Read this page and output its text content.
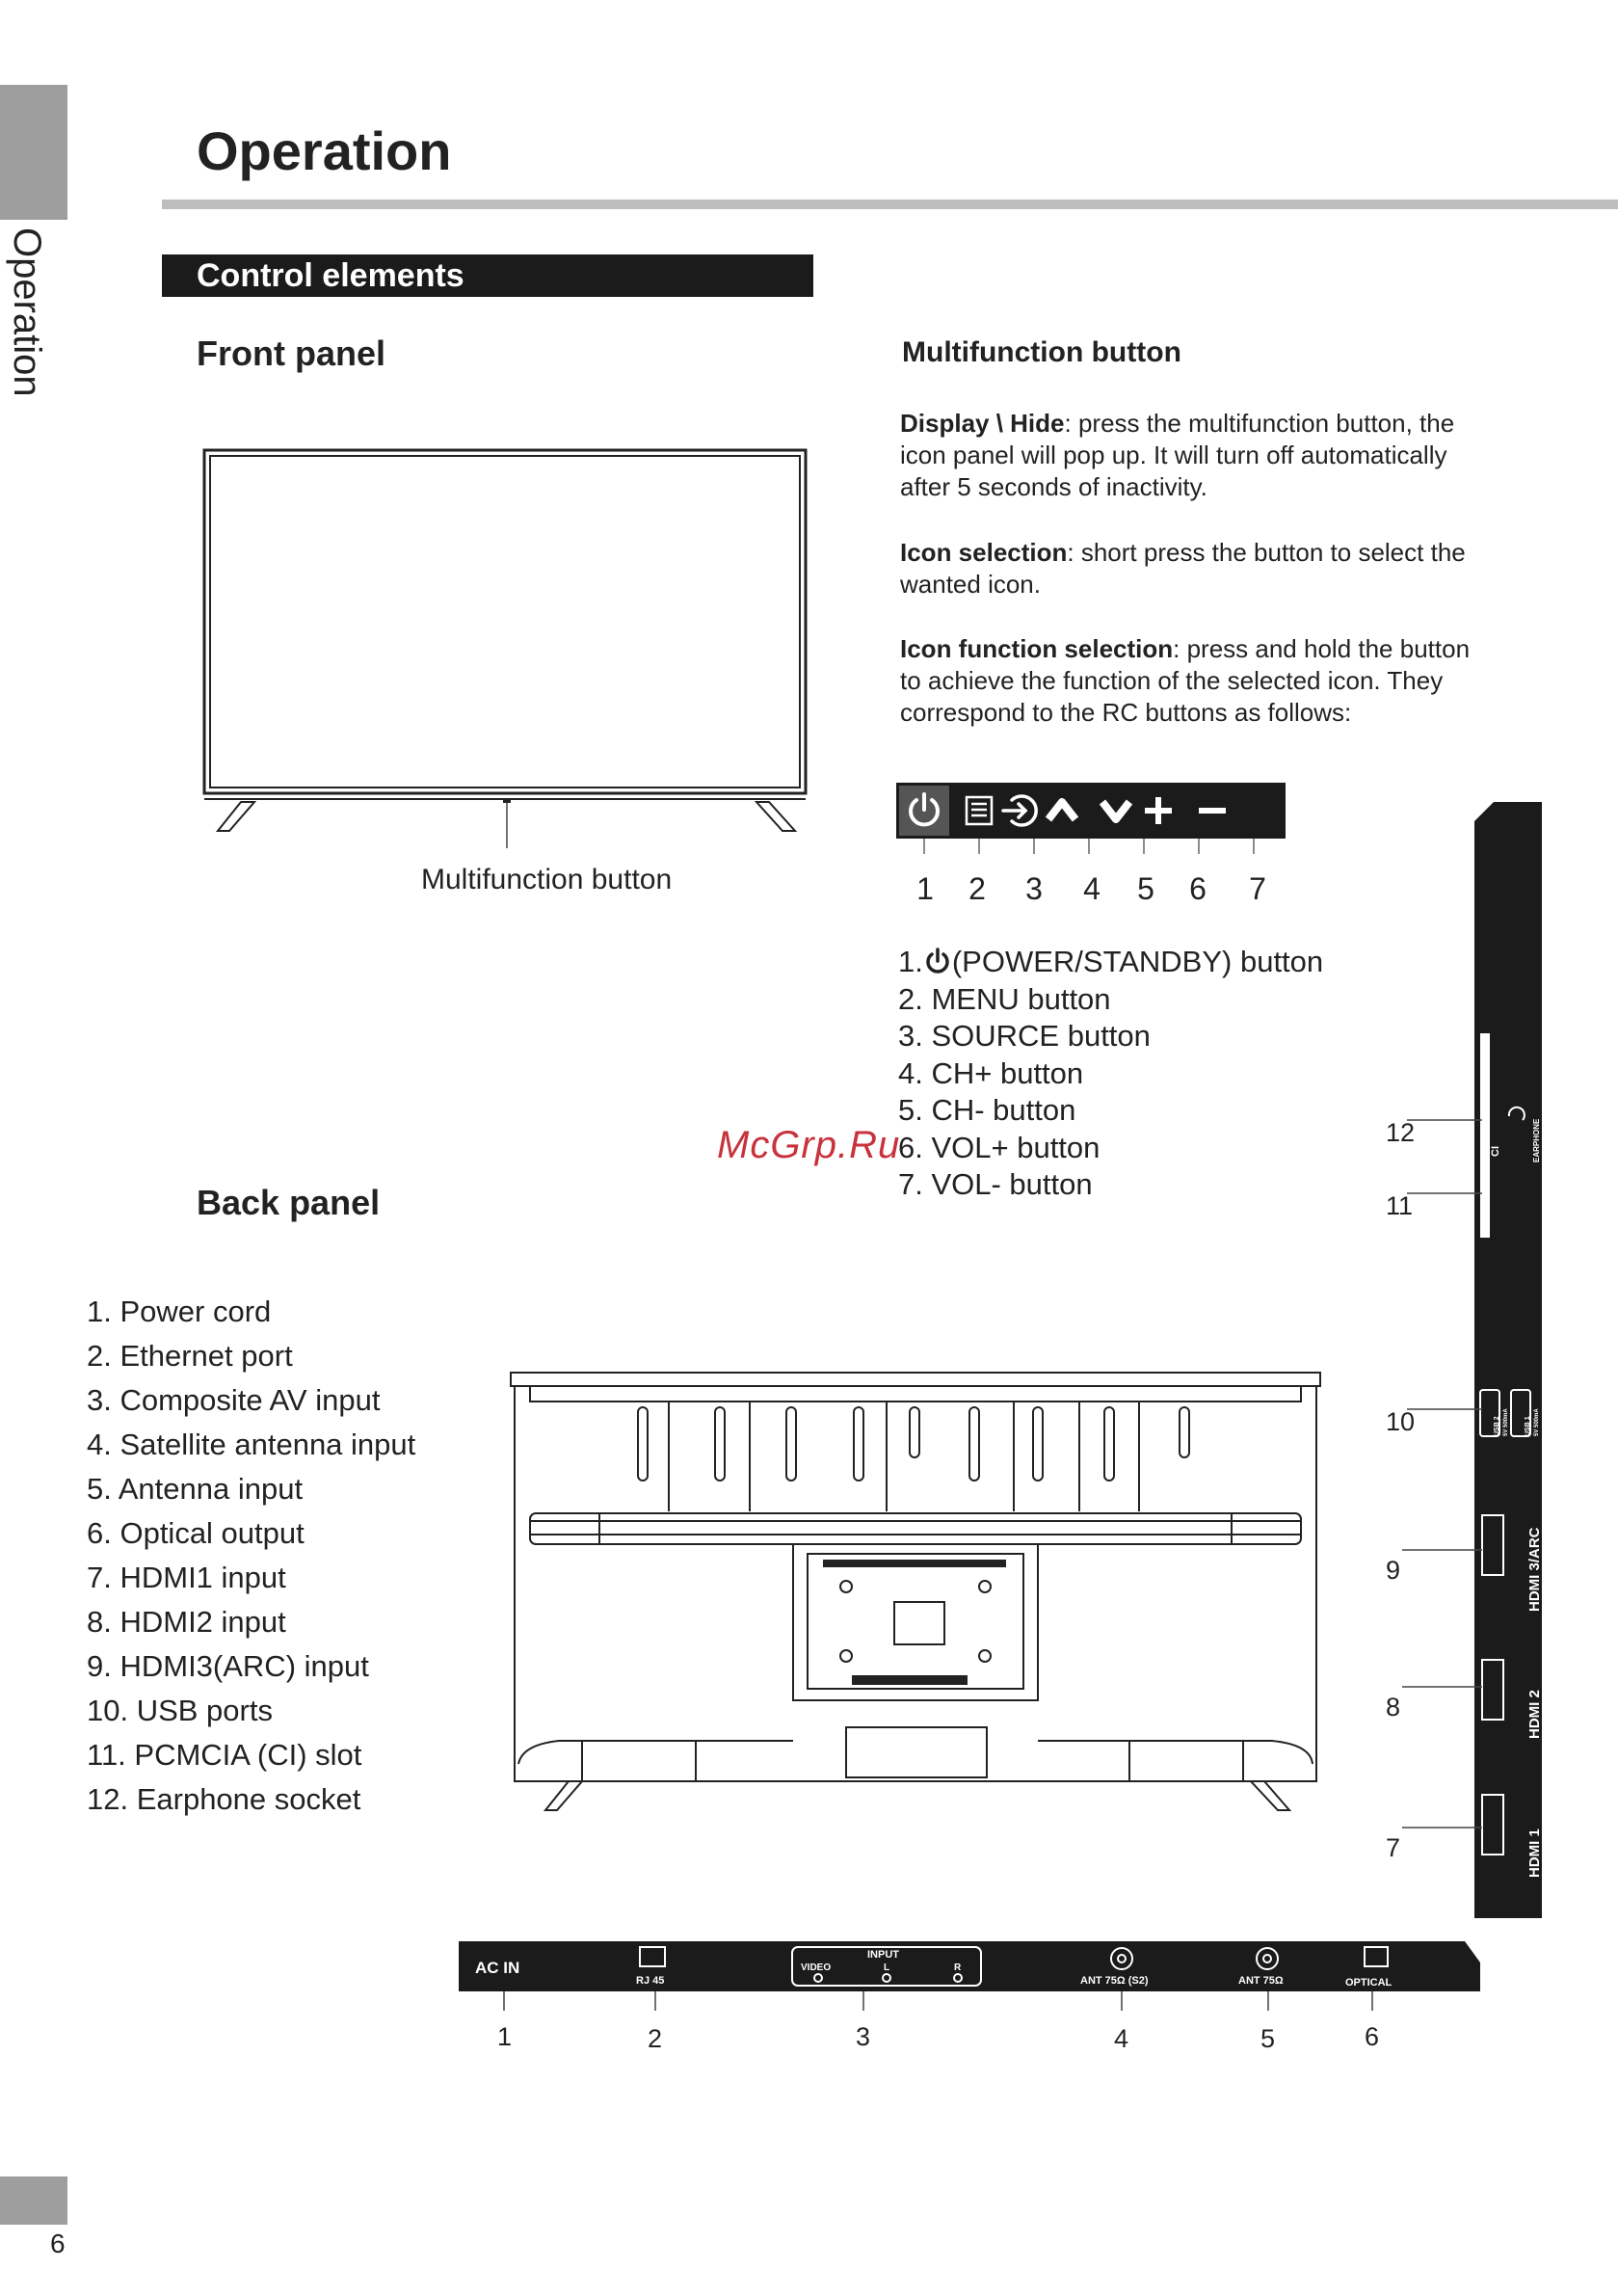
Operation
6
Operation
Control elements
Front panel
Multifunction button
Multifunction button
Display \ Hide: press the multifunction button, the icon panel will pop up. It will turn off automatically after 5 seconds of inactivity.
Icon selection: short press the button to select the wanted icon.
Icon function selection: press and hold the button to achieve the function of the selected icon. They correspond to the RC buttons as follows:
1	2	3	4	5	6	7
1. (POWER/STANDBY) button
2. MENU button
3. SOURCE button
4. CH+ button
5. CH- button
6. VOL+ button
7. VOL- button
McGrp.Ru
Back panel
1. Power cord
2. Ethernet port
3. Composite AV input
4. Satellite antenna input
5. Antenna input
6. Optical output
7. HDMI1 input
8. HDMI2 input
9. HDMI3(ARC) input
10. USB ports
11. PCMCIA (CI) slot
12. Earphone socket
HDMI 3/ARC
HDMI 2
HDMI 1
CI	EARPHONE
USB 2	USB 1
5V 500mA	5V 500mA
12
11
10
9
8
7
AC IN
RJ 45
INPUT
VIDEO	L	R
ANT 75Ω (S2)	ANT 75Ω	OPTICAL
1	2	3	4	5	6
